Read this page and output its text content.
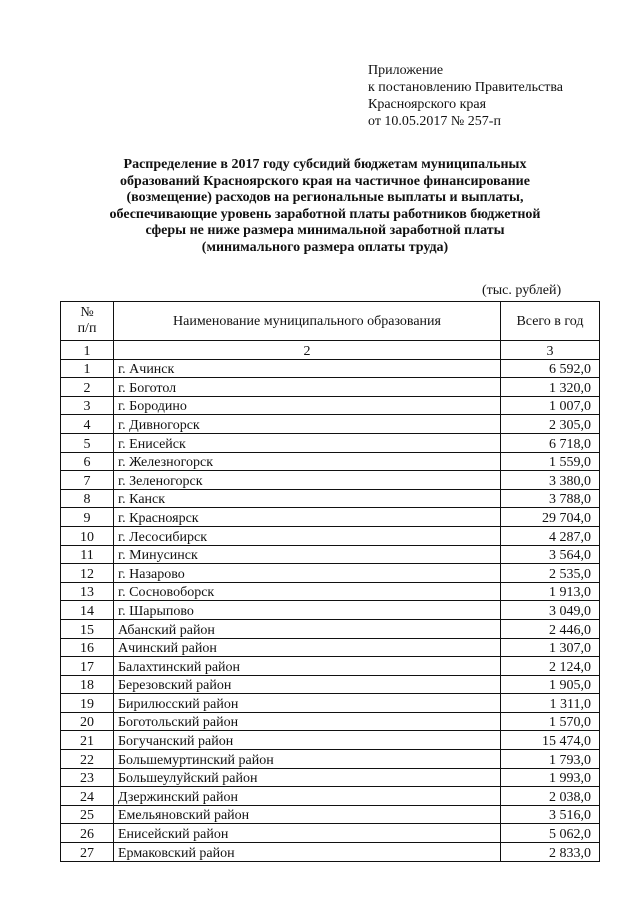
Приложение
к постановлению Правительства
Красноярского края
от 10.05.2017 № 257-п
Распределение в 2017 году субсидий бюджетам муниципальных
образований Красноярского края на частичное финансирование
(возмещение) расходов на региональные выплаты и выплаты,
обеспечивающие уровень заработной платы работников бюджетной
сферы не ниже размера минимальной заработной платы
(минимального размера оплаты труда)
(тыс. рублей)
№
п/п	Наименование муниципального образования	Всего в год
1	2	3
1	г. Ачинск	6 592,0
2	г. Боготол	1 320,0
3	г. Бородино	1 007,0
4	г. Дивногорск	2 305,0
5	г. Енисейск	6 718,0
6	г. Железногорск	1 559,0
7	г. Зеленогорск	3 380,0
8	г. Канск	3 788,0
9	г. Красноярск	29 704,0
10	г. Лесосибирск	4 287,0
11	г. Минусинск	3 564,0
12	г. Назарово	2 535,0
13	г. Сосновоборск	1 913,0
14	г. Шарыпово	3 049,0
15	Абанский район	2 446,0
16	Ачинский район	1 307,0
17	Балахтинский район	2 124,0
18	Березовский район	1 905,0
19	Бирилюсский район	1 311,0
20	Боготольский район	1 570,0
21	Богучанский район	15 474,0
22	Большемуртинский район	1 793,0
23	Большеулуйский район	1 993,0
24	Дзержинский район	2 038,0
25	Емельяновский район	3 516,0
26	Енисейский район	5 062,0
27	Ермаковский район	2 833,0
